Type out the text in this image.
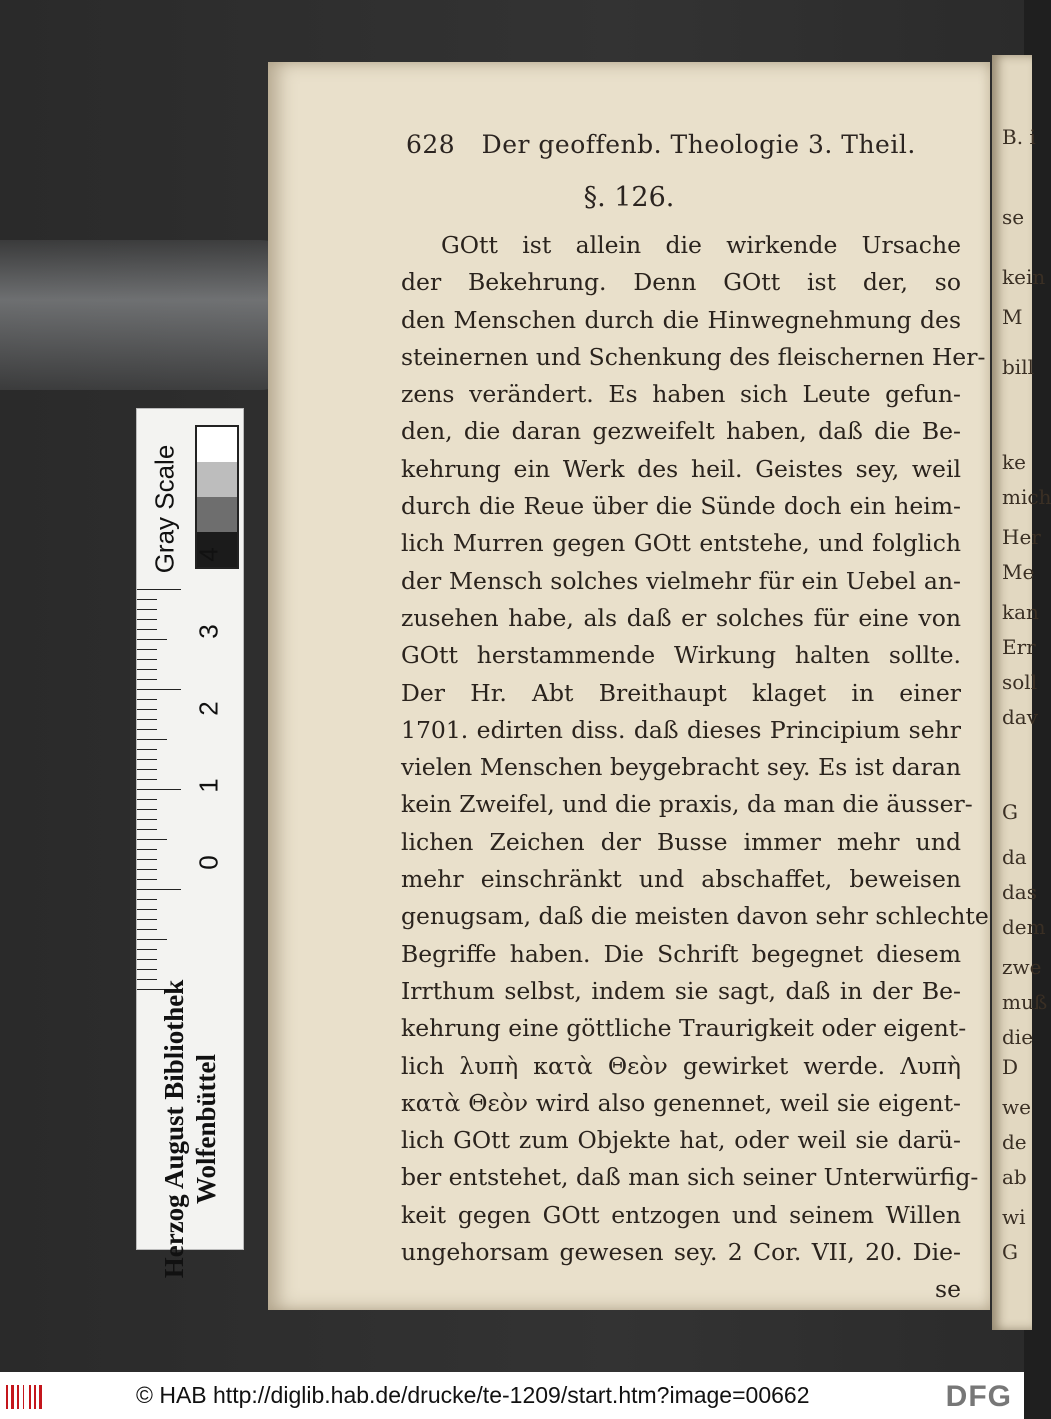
628 Der geoffenb. Theologie 3. Theil.
§. 126.
GOtt ist allein die wirkende Ursache
der Bekehrung. Denn GOtt ist der, so
den Menschen durch die Hinwegnehmung des
steinernen und Schenkung des fleischernen Her-
zens verändert. Es haben sich Leute gefun-
den, die daran gezweifelt haben, daß die Be-
kehrung ein Werk des heil. Geistes sey, weil
durch die Reue über die Sünde doch ein heim-
lich Murren gegen GOtt entstehe, und folglich
der Mensch solches vielmehr für ein Uebel an-
zusehen habe, als daß er solches für eine von
GOtt herstammende Wirkung halten sollte.
Der Hr. Abt Breithaupt klaget in einer
1701. edirten diss. daß dieses Principium sehr
vielen Menschen beygebracht sey. Es ist daran
kein Zweifel, und die praxis, da man die äusser-
lichen Zeichen der Busse immer mehr und
mehr einschränkt und abschaffet, beweisen
genugsam, daß die meisten davon sehr schlechte
Begriffe haben. Die Schrift begegnet diesem
Irrthum selbst, indem sie sagt, daß in der Be-
kehrung eine göttliche Traurigkeit oder eigent-
lich λυπὴ κατὰ Θεὸν gewirket werde. Λυπὴ
κατὰ Θεὸν wird also genennet, weil sie eigent-
lich GOtt zum Objekte hat, oder weil sie darü-
ber entstehet, daß man sich seiner Unterwürfig-
keit gegen GOtt entzogen und seinem Willen
ungehorsam gewesen sey. 2 Cor. VII, 20. Die-
se
B. i
se
kein
M
bill
ke
mich
Her
Me
kan
Err
soll
dav
G
da
das
dem
zwe
muß
die
D
we
de
ab
wi
G
Gray Scale 4
3
2
1
0
Herzog August Bibliothek Wolfenbüttel
© HAB http://diglib.hab.de/drucke/te-1209/start.htm?image=00662	DFG
